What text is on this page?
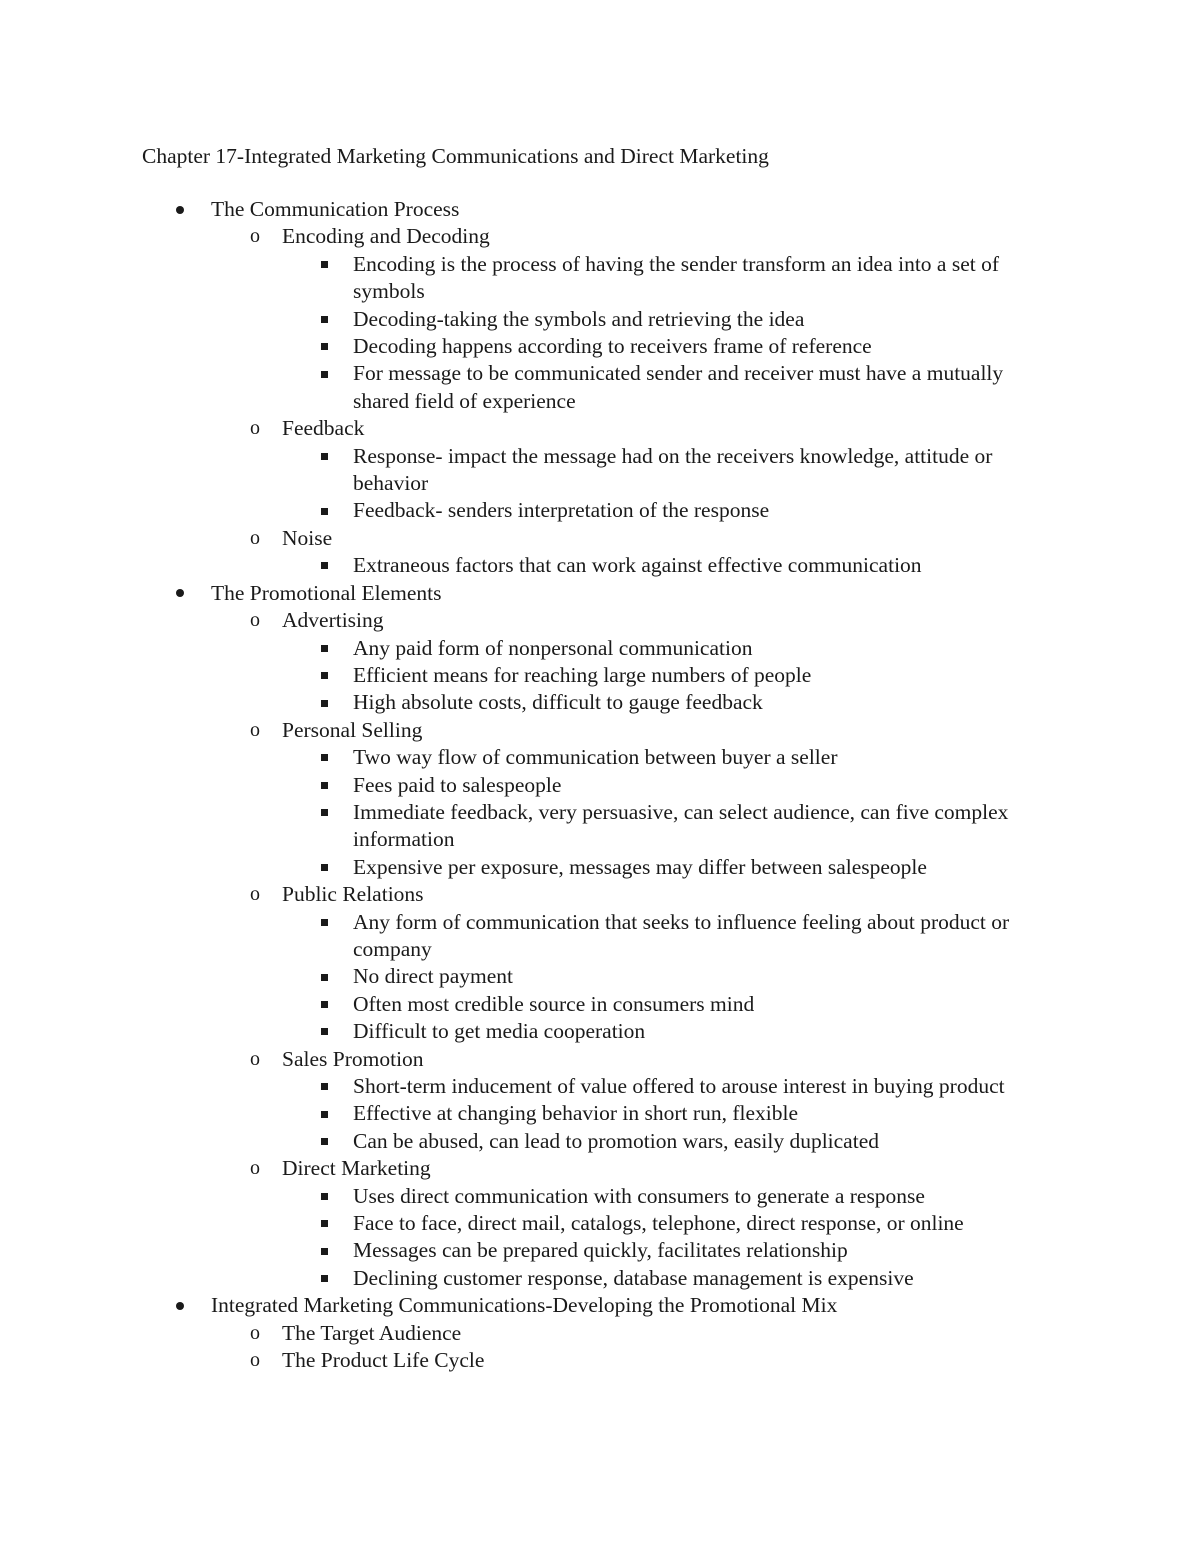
Chapter 17-Integrated Marketing Communications and Direct Marketing
The Communication Process
o Encoding and Decoding
Encoding is the process of having the sender transform an idea into a set of symbols
Decoding-taking the symbols and retrieving the idea
Decoding happens according to receivers frame of reference
For message to be communicated sender and receiver must have a mutually shared field of experience
o Feedback
Response- impact the message had on the receivers knowledge, attitude or behavior
Feedback- senders interpretation of the response
o Noise
Extraneous factors that can work against effective communication
The Promotional Elements
o Advertising
Any paid form of nonpersonal communication
Efficient means for reaching large numbers of people
High absolute costs, difficult to gauge feedback
o Personal Selling
Two way flow of communication between buyer a seller
Fees paid to salespeople
Immediate feedback, very persuasive, can select audience, can five complex information
Expensive per exposure, messages may differ between salespeople
o Public Relations
Any form of communication that seeks to influence feeling about product or company
No direct payment
Often most credible source in consumers mind
Difficult to get media cooperation
o Sales Promotion
Short-term inducement of value offered to arouse interest in buying product
Effective at changing behavior in short run, flexible
Can be abused, can lead to promotion wars, easily duplicated
o Direct Marketing
Uses direct communication with consumers to generate a response
Face to face, direct mail, catalogs, telephone, direct response, or online
Messages can be prepared quickly, facilitates relationship
Declining customer response, database management is expensive
Integrated Marketing Communications-Developing the Promotional Mix
o The Target Audience
o The Product Life Cycle
